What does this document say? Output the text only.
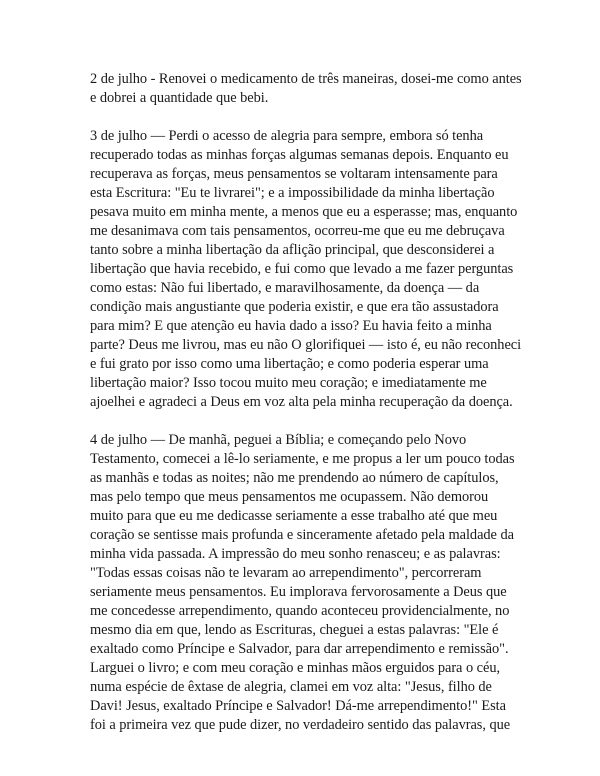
2 de julho - Renovei o medicamento de três maneiras, dosei-me como antes e dobrei a quantidade que bebi.

3 de julho — Perdi o acesso de alegria para sempre, embora só tenha recuperado todas as minhas forças algumas semanas depois. Enquanto eu recuperava as forças, meus pensamentos se voltaram intensamente para esta Escritura: "Eu te livrarei"; e a impossibilidade da minha libertação pesava muito em minha mente, a menos que eu a esperasse; mas, enquanto me desanimava com tais pensamentos, ocorreu-me que eu me debruçava tanto sobre a minha libertação da aflição principal, que desconsiderei a libertação que havia recebido, e fui como que levado a me fazer perguntas como estas: Não fui libertado, e maravilhosamente, da doença — da condição mais angustiante que poderia existir, e que era tão assustadora para mim? E que atenção eu havia dado a isso? Eu havia feito a minha parte? Deus me livrou, mas eu não O glorifiquei — isto é, eu não reconheci e fui grato por isso como uma libertação; e como poderia esperar uma libertação maior? Isso tocou muito meu coração; e imediatamente me ajoelhei e agradeci a Deus em voz alta pela minha recuperação da doença.

4 de julho — De manhã, peguei a Bíblia; e começando pelo Novo Testamento, comecei a lê-lo seriamente, e me propus a ler um pouco todas as manhãs e todas as noites; não me prendendo ao número de capítulos, mas pelo tempo que meus pensamentos me ocupassem. Não demorou muito para que eu me dedicasse seriamente a esse trabalho até que meu coração se sentisse mais profunda e sinceramente afetado pela maldade da minha vida passada. A impressão do meu sonho renasceu; e as palavras: "Todas essas coisas não te levaram ao arrependimento", percorreram seriamente meus pensamentos. Eu implorava fervorosamente a Deus que me concedesse arrependimento, quando aconteceu providencialmente, no mesmo dia em que, lendo as Escrituras, cheguei a estas palavras: "Ele é exaltado como Príncipe e Salvador, para dar arrependimento e remissão". Larguei o livro; e com meu coração e minhas mãos erguidos para o céu, numa espécie de êxtase de alegria, clamei em voz alta: "Jesus, filho de Davi! Jesus, exaltado Príncipe e Salvador! Dá-me arrependimento!" Esta foi a primeira vez que pude dizer, no verdadeiro sentido das palavras, que
